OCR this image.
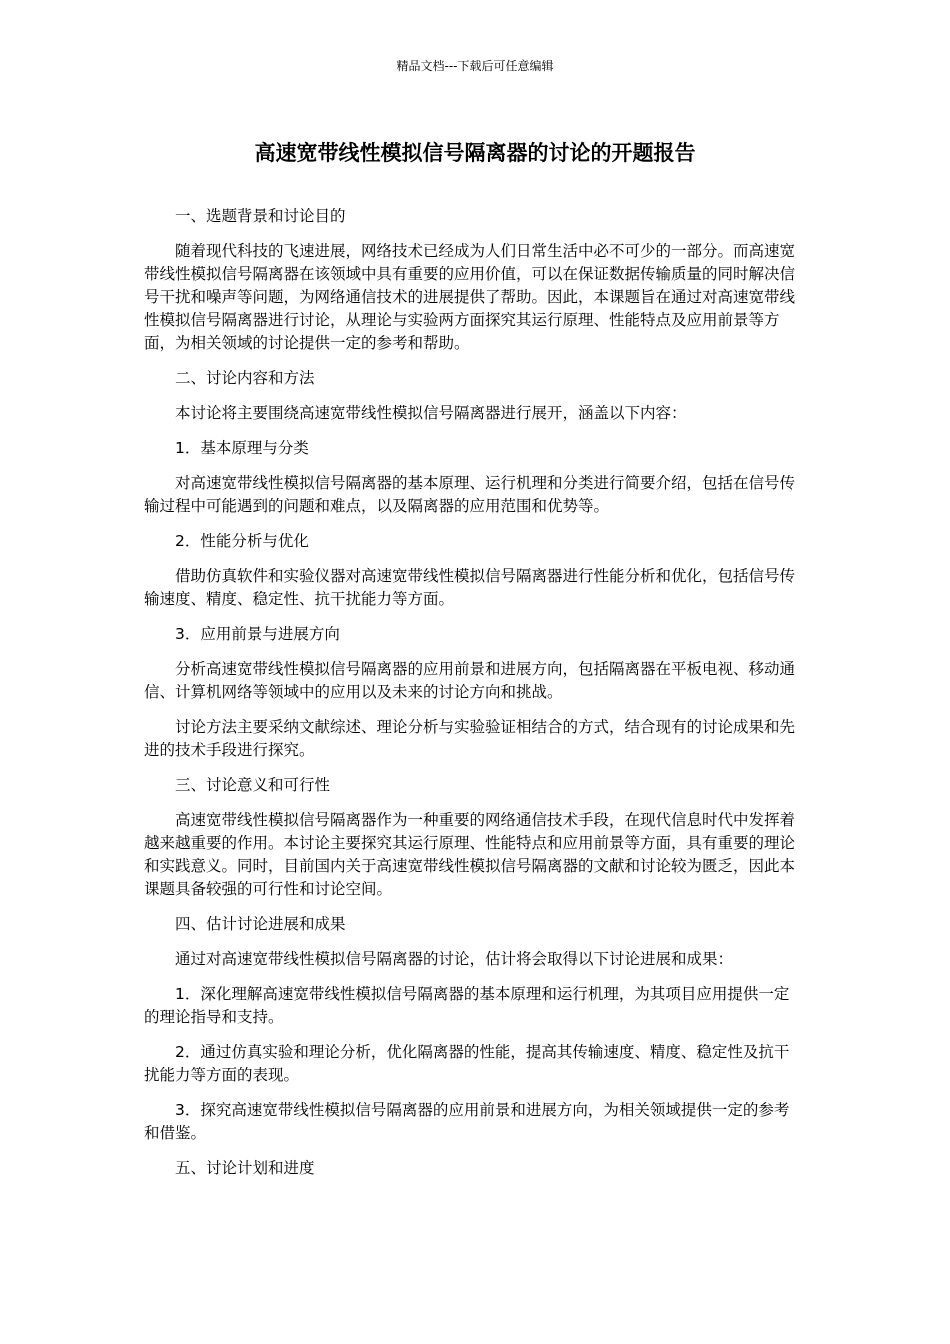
精品文档---下载后可任意编辑
高速宽带线性模拟信号隔离器的讨论的开题报告

一、选题背景和讨论目的

随着现代科技的飞速进展，网络技术已经成为人们日常生活中必不可少的一部分。而高速宽带线性模拟信号隔离器在该领域中具有重要的应用价值，可以在保证数据传输质量的同时解决信号干扰和噪声等问题，为网络通信技术的进展提供了帮助。因此，本课题旨在通过对高速宽带线性模拟信号隔离器进行讨论，从理论与实验两方面探究其运行原理、性能特点及应用前景等方面，为相关领域的讨论提供一定的参考和帮助。

二、讨论内容和方法

本讨论将主要围绕高速宽带线性模拟信号隔离器进行展开，涵盖以下内容：

1．基本原理与分类

对高速宽带线性模拟信号隔离器的基本原理、运行机理和分类进行简要介绍，包括在信号传输过程中可能遇到的问题和难点，以及隔离器的应用范围和优势等。

2．性能分析与优化

借助仿真软件和实验仪器对高速宽带线性模拟信号隔离器进行性能分析和优化，包括信号传输速度、精度、稳定性、抗干扰能力等方面。

3．应用前景与进展方向

分析高速宽带线性模拟信号隔离器的应用前景和进展方向，包括隔离器在平板电视、移动通信、计算机网络等领域中的应用以及未来的讨论方向和挑战。

讨论方法主要采纳文献综述、理论分析与实验验证相结合的方式，结合现有的讨论成果和先进的技术手段进行探究。

三、讨论意义和可行性

高速宽带线性模拟信号隔离器作为一种重要的网络通信技术手段，在现代信息时代中发挥着越来越重要的作用。本讨论主要探究其运行原理、性能特点和应用前景等方面，具有重要的理论和实践意义。同时，目前国内关于高速宽带线性模拟信号隔离器的文献和讨论较为匮乏，因此本课题具备较强的可行性和讨论空间。

四、估计讨论进展和成果

通过对高速宽带线性模拟信号隔离器的讨论，估计将会取得以下讨论进展和成果：

1．深化理解高速宽带线性模拟信号隔离器的基本原理和运行机理，为其项目应用提供一定的理论指导和支持。

2．通过仿真实验和理论分析，优化隔离器的性能，提高其传输速度、精度、稳定性及抗干扰能力等方面的表现。

3．探究高速宽带线性模拟信号隔离器的应用前景和进展方向，为相关领域提供一定的参考和借鉴。

五、讨论计划和进度
